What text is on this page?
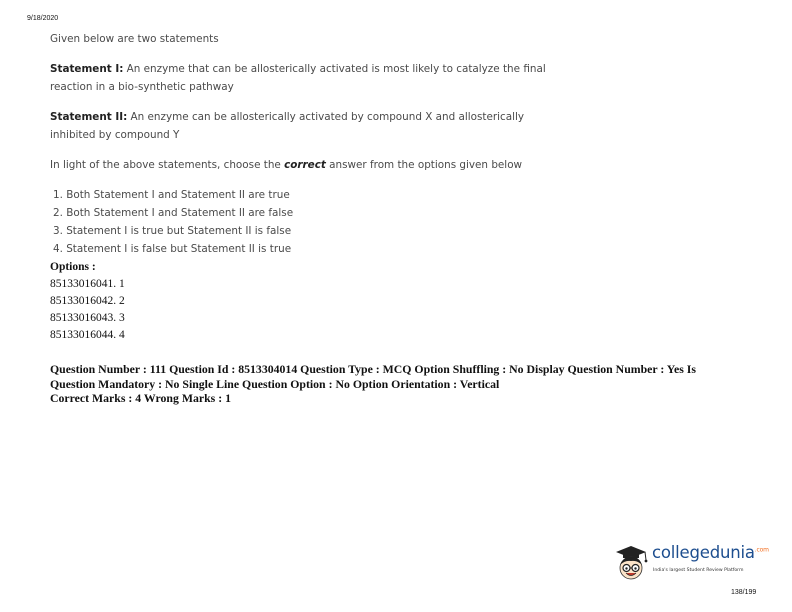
9/18/2020

Given below are two statements

Statement I: An enzyme that can be allosterically activated is most likely to catalyze the final
reaction in a bio-synthetic pathway
Statement II: An enzyme can be allosterically activated by compound X and allosterically
inhibited by compound Y
In light of the above statements, choose the correct answer from the options given below
1. Both Statement I and Statement II are true
2. Both Statement I and Statement II are false
3. Statement I is true but Statement II is false
4. Statement I is false but Statement II is true
Options :
85133016041. 1
85133016042. 2
85133016043. 3
85133016044. 4
Question Number : 111 Question Id : 8513304014 Question Type : MCQ Option Shuffling : No Display Question Number : Yes Is
Question Mandatory : No Single Line Question Option : No Option Orientation : Vertical
Correct Marks : 4 Wrong Marks : 1
collegedunia$^{.com}$
India's largest Student Review Platform
138/199
